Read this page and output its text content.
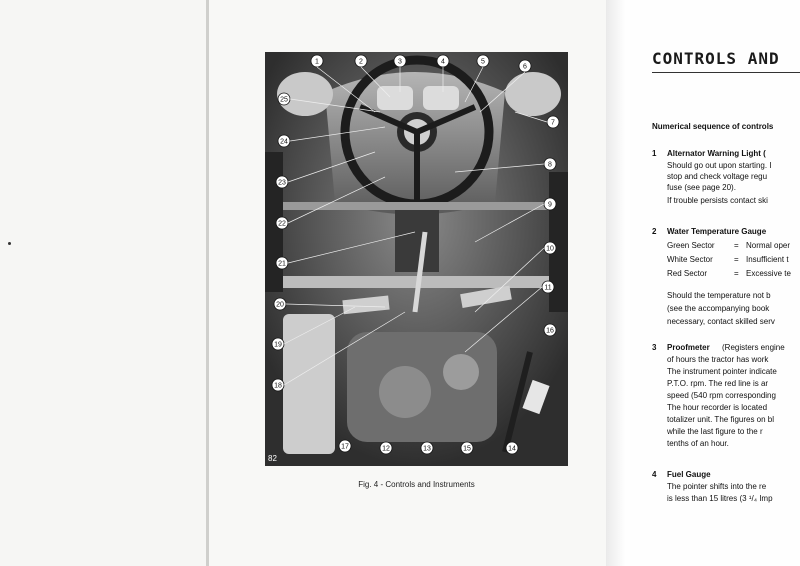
1	2	3	4	5
6
7
8
9
10
11
12	13	14
15
16
17
18
19
20
21
22
23
24
25
82
Fig. 4 - Controls and Instruments
CONTROLS AND
Numerical sequence of controls
1 Alternator Warning Light (
Should go out upon starting. I
stop and check voltage regu
fuse (see page 20).
If trouble persists contact ski
2 Water Temperature Gauge
Green Sector = Normal oper
White Sector	= Insufficient t
Red Sector	= Excessive te
Should the temperature not b
(see the accompanying book
necessary, contact skilled serv
3 Proofmeter (Registers engine
of hours the tractor has work
The instrument pointer indicate
P.T.O. rpm. The red line is ar
speed (540 rpm corresponding
The hour recorder is located
totalizer unit. The figures on bl
while the last figure to the r
tenths of an hour.
4 Fuel Gauge
The pointer shifts into the re
is less than 15 litres (3 ¹/₄ Imp
